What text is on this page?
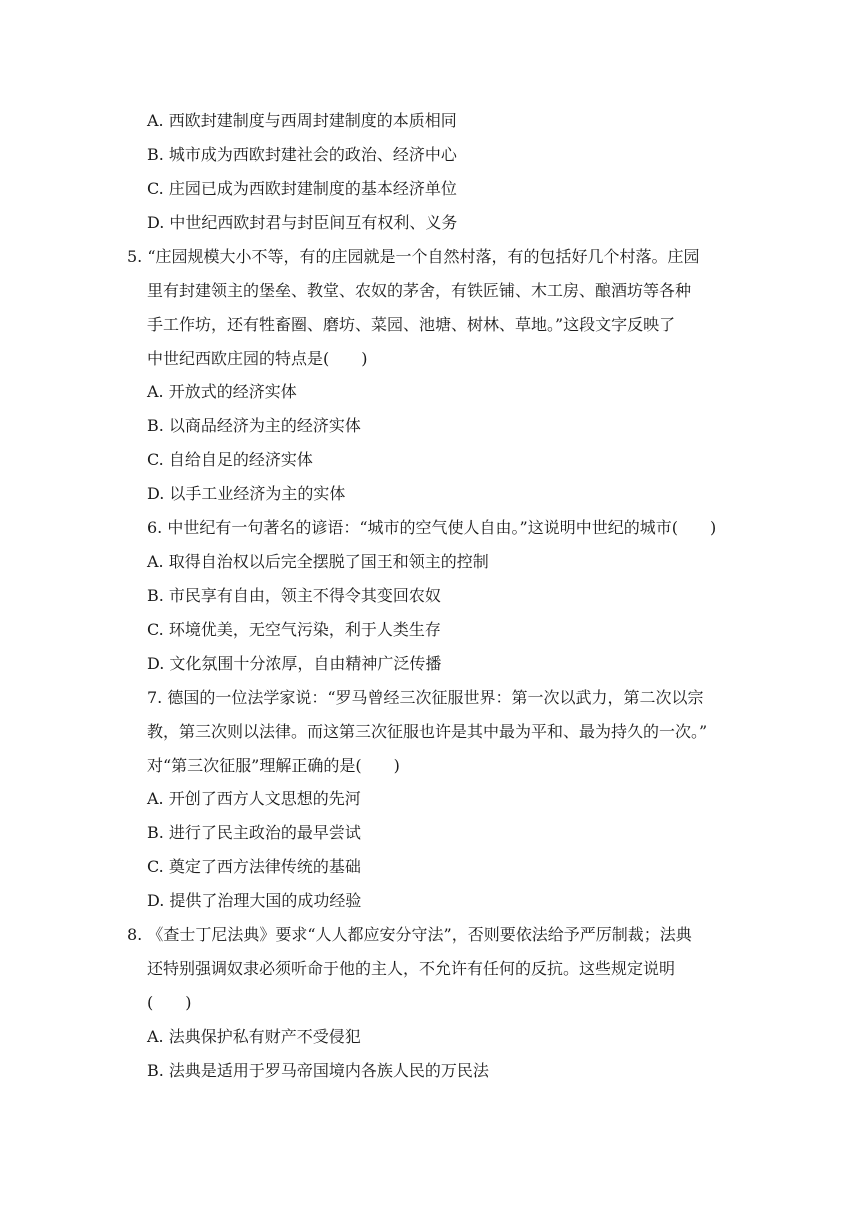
A. 西欧封建制度与西周封建制度的本质相同
B. 城市成为西欧封建社会的政治、经济中心
C. 庄园已成为西欧封建制度的基本经济单位
D. 中世纪西欧封君与封臣间互有权利、义务
5. “庄园规模大小不等，有的庄园就是一个自然村落，有的包括好几个村落。庄园
里有封建领主的堡垒、教堂、农奴的茅舍，有铁匠铺、木工房、酿酒坊等各种
手工作坊，还有牲畜圈、磨坊、菜园、池塘、树林、草地。”这段文字反映了
中世纪西欧庄园的特点是(　　)
A. 开放式的经济实体
B. 以商品经济为主的经济实体
C. 自给自足的经济实体
D. 以手工业经济为主的实体
6. 中世纪有一句著名的谚语：“城市的空气使人自由。”这说明中世纪的城市(　　)
A. 取得自治权以后完全摆脱了国王和领主的控制
B. 市民享有自由，领主不得令其变回农奴
C. 环境优美，无空气污染，利于人类生存
D. 文化氛围十分浓厚，自由精神广泛传播
7. 德国的一位法学家说：“罗马曾经三次征服世界：第一次以武力，第二次以宗
教，第三次则以法律。而这第三次征服也许是其中最为平和、最为持久的一次。”
对“第三次征服”理解正确的是(　　)
A. 开创了西方人文思想的先河
B. 进行了民主政治的最早尝试
C. 奠定了西方法律传统的基础
D. 提供了治理大国的成功经验
8. 《查士丁尼法典》要求“人人都应安分守法”，否则要依法给予严厉制裁；法典
还特别强调奴隶必须听命于他的主人，不允许有任何的反抗。这些规定说明
(　　)
A. 法典保护私有财产不受侵犯
B. 法典是适用于罗马帝国境内各族人民的万民法
